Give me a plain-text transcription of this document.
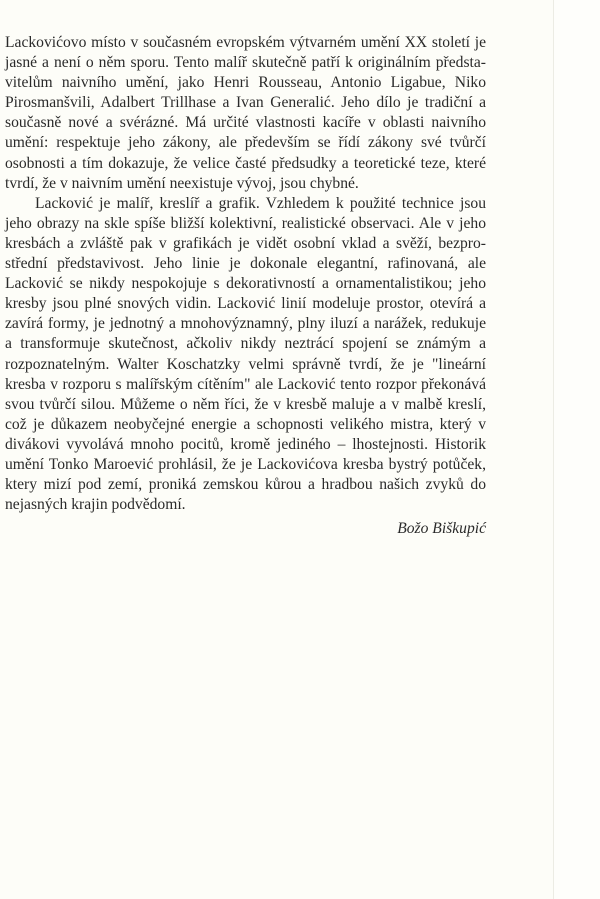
Lackovićovo místo v současném evropském výtvarném umění XX století je jasné a není o něm sporu. Tento malíř skutečně patří k originálním představitelům naivního umění, jako Henri Rousseau, Antonio Ligabue, Niko Pirosmanšvili, Adalbert Trillhase a Ivan Generalić. Jeho dílo je tradiční a současně nové a svérázné. Má určité vlastnosti kacíře v oblasti naivního umění: respektuje jeho zákony, ale především se řídí zákony své tvůrčí osobnosti a tím dokazuje, že velice časté předsudky a teoretické teze, které tvrdí, že v naivním umění neexistuje vývoj, jsou chybné.

Lacković je malíř, kreslíř a grafik. Vzhledem k použité technice jsou jeho obrazy na skle spíše bližší kolektivní, realistické observaci. Ale v jeho kresbách a zvláště pak v grafikách je vidět osobní vklad a svěží, bezprostřední představivost. Jeho linie je dokonale elegantní, rafinovaná, ale Lacković se nikdy nespokojuje s dekorativností a ornamentalistikou; jeho kresby jsou plné snových vidin. Lacković linií modeluje prostor, otevírá a zavírá formy, je jednotný a mnohovýznamný, plny iluzí a narážek, redukuje a transformuje skutečnost, ačkoliv nikdy neztrácí spojení se známým a rozpoznatelným. Walter Koschatzky velmi správně tvrdí, že je "lineární kresba v rozporu s malířským cítěním" ale Lacković tento rozpor překonává svou tvůrčí silou. Můžeme o něm říci, že v kresbě maluje a v malbě kreslí, což je důkazem neobyčejné energie a schopnosti velikého mistra, který v divákovi vyvolává mnoho pocitů, kromě jediného – lhostejnosti. Historik umění Tonko Maroević prohlásil, že je Lackovićova kresba bystrý potůček, ktery mizí pod zemí, proniká zemskou kůrou a hradbou našich zvyků do nejasných krajin podvědomí.

Božo Biškupić
